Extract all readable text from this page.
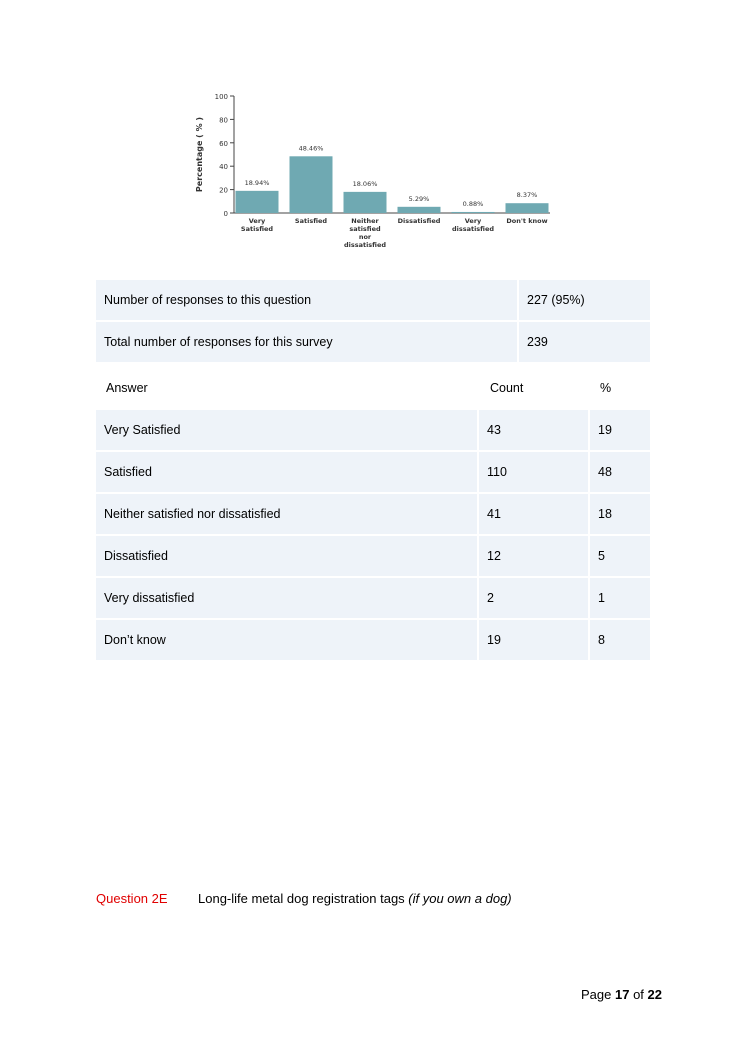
0
20
40
60
80
100
Percentage ( % )	18.94%
Very
Satisfied
48.46%
Satisfied
18.06%
Neither
satisfied
nor
dissatisfied
5.29%
Dissatisfied
0.88%
Very
dissatisfied
8.37%
Don't know
Number of responses to this question	227 (95%)
Total number of responses for this survey	239
Answer	Count	%
Very Satisfied	43	19
Satisfied	110	48
Neither satisfied nor dissatisfied	41	18
Dissatisfied	12	5
Very dissatisfied	2	1
Don’t know	19	8
Question 2E Long-life metal dog registration tags (if you own a dog)
Page 17 of 22
